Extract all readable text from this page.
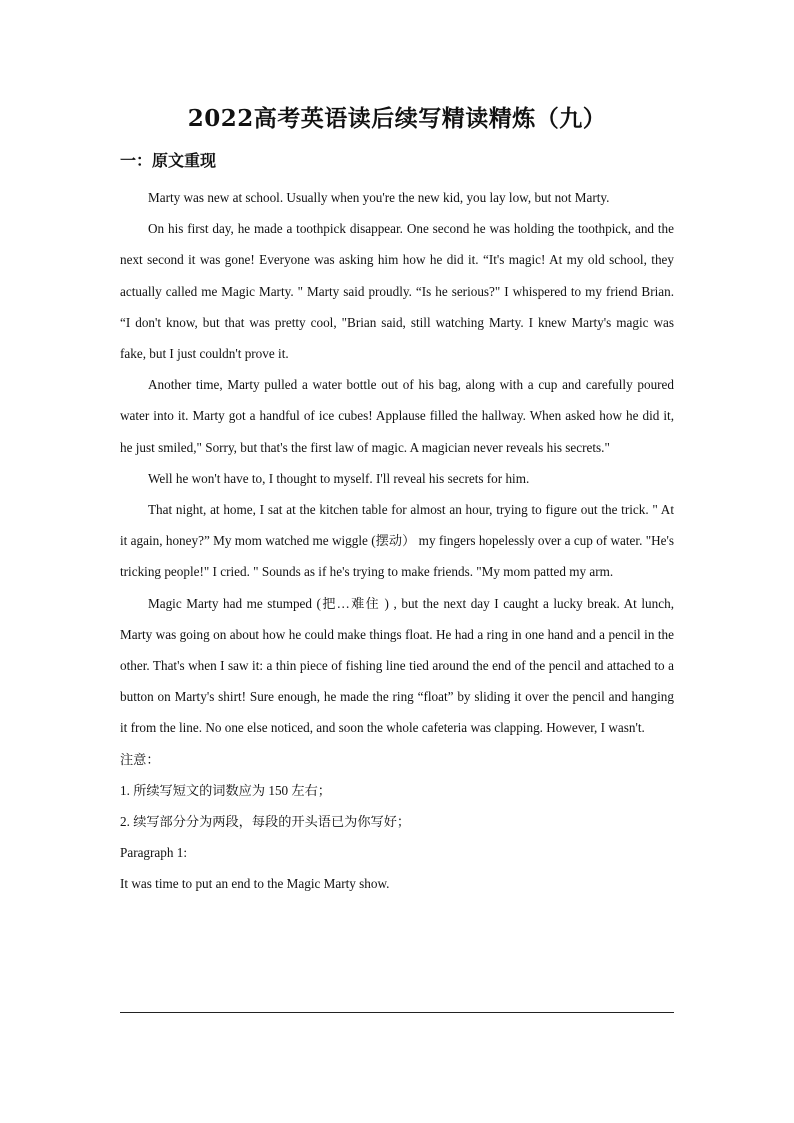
2022高考英语读后续写精读精炼（九）
一：原文重现

Marty was new at school. Usually when you're the new kid, you lay low, but not Marty.

On his first day, he made a toothpick disappear. One second he was holding the toothpick, and the next second it was gone! Everyone was asking him how he did it. “It's magic! At my old school, they actually called me Magic Marty. " Marty said proudly. “Is he serious?" I whispered to my friend Brian. “I don't know, but that was pretty cool, "Brian said, still watching Marty. I knew Marty's magic was fake, but I just couldn't prove it.

Another time, Marty pulled a water bottle out of his bag, along with a cup and carefully poured water into it. Marty got a handful of ice cubes! Applause filled the hallway. When asked how he did it, he just smiled," Sorry, but that's the first law of magic. A magician never reveals his secrets."

Well he won't have to, I thought to myself. I'll reveal his secrets for him.

That night, at home, I sat at the kitchen table for almost an hour, trying to figure out the trick. " At it again, honey?” My mom watched me wiggle (摆动） my fingers hopelessly over a cup of water. "He's tricking people!" I cried. " Sounds as if he's trying to make friends. "My mom patted my arm.

Magic Marty had me stumped (把…难住 ) , but the next day I caught a lucky break. At lunch, Marty was going on about how he could make things float. He had a ring in one hand and a pencil in the other. That's when I saw it: a thin piece of fishing line tied around the end of the pencil and attached to a button on Marty's shirt! Sure enough, he made the ring “float” by sliding it over the pencil and hanging it from the line. No one else noticed, and soon the whole cafeteria was clapping. However, I wasn't.

注意：

1. 所续写短文的词数应为 150 左右；

2. 续写部分分为两段，每段的开头语已为你写好；

Paragraph 1:

It was time to put an end to the Magic Marty show.
